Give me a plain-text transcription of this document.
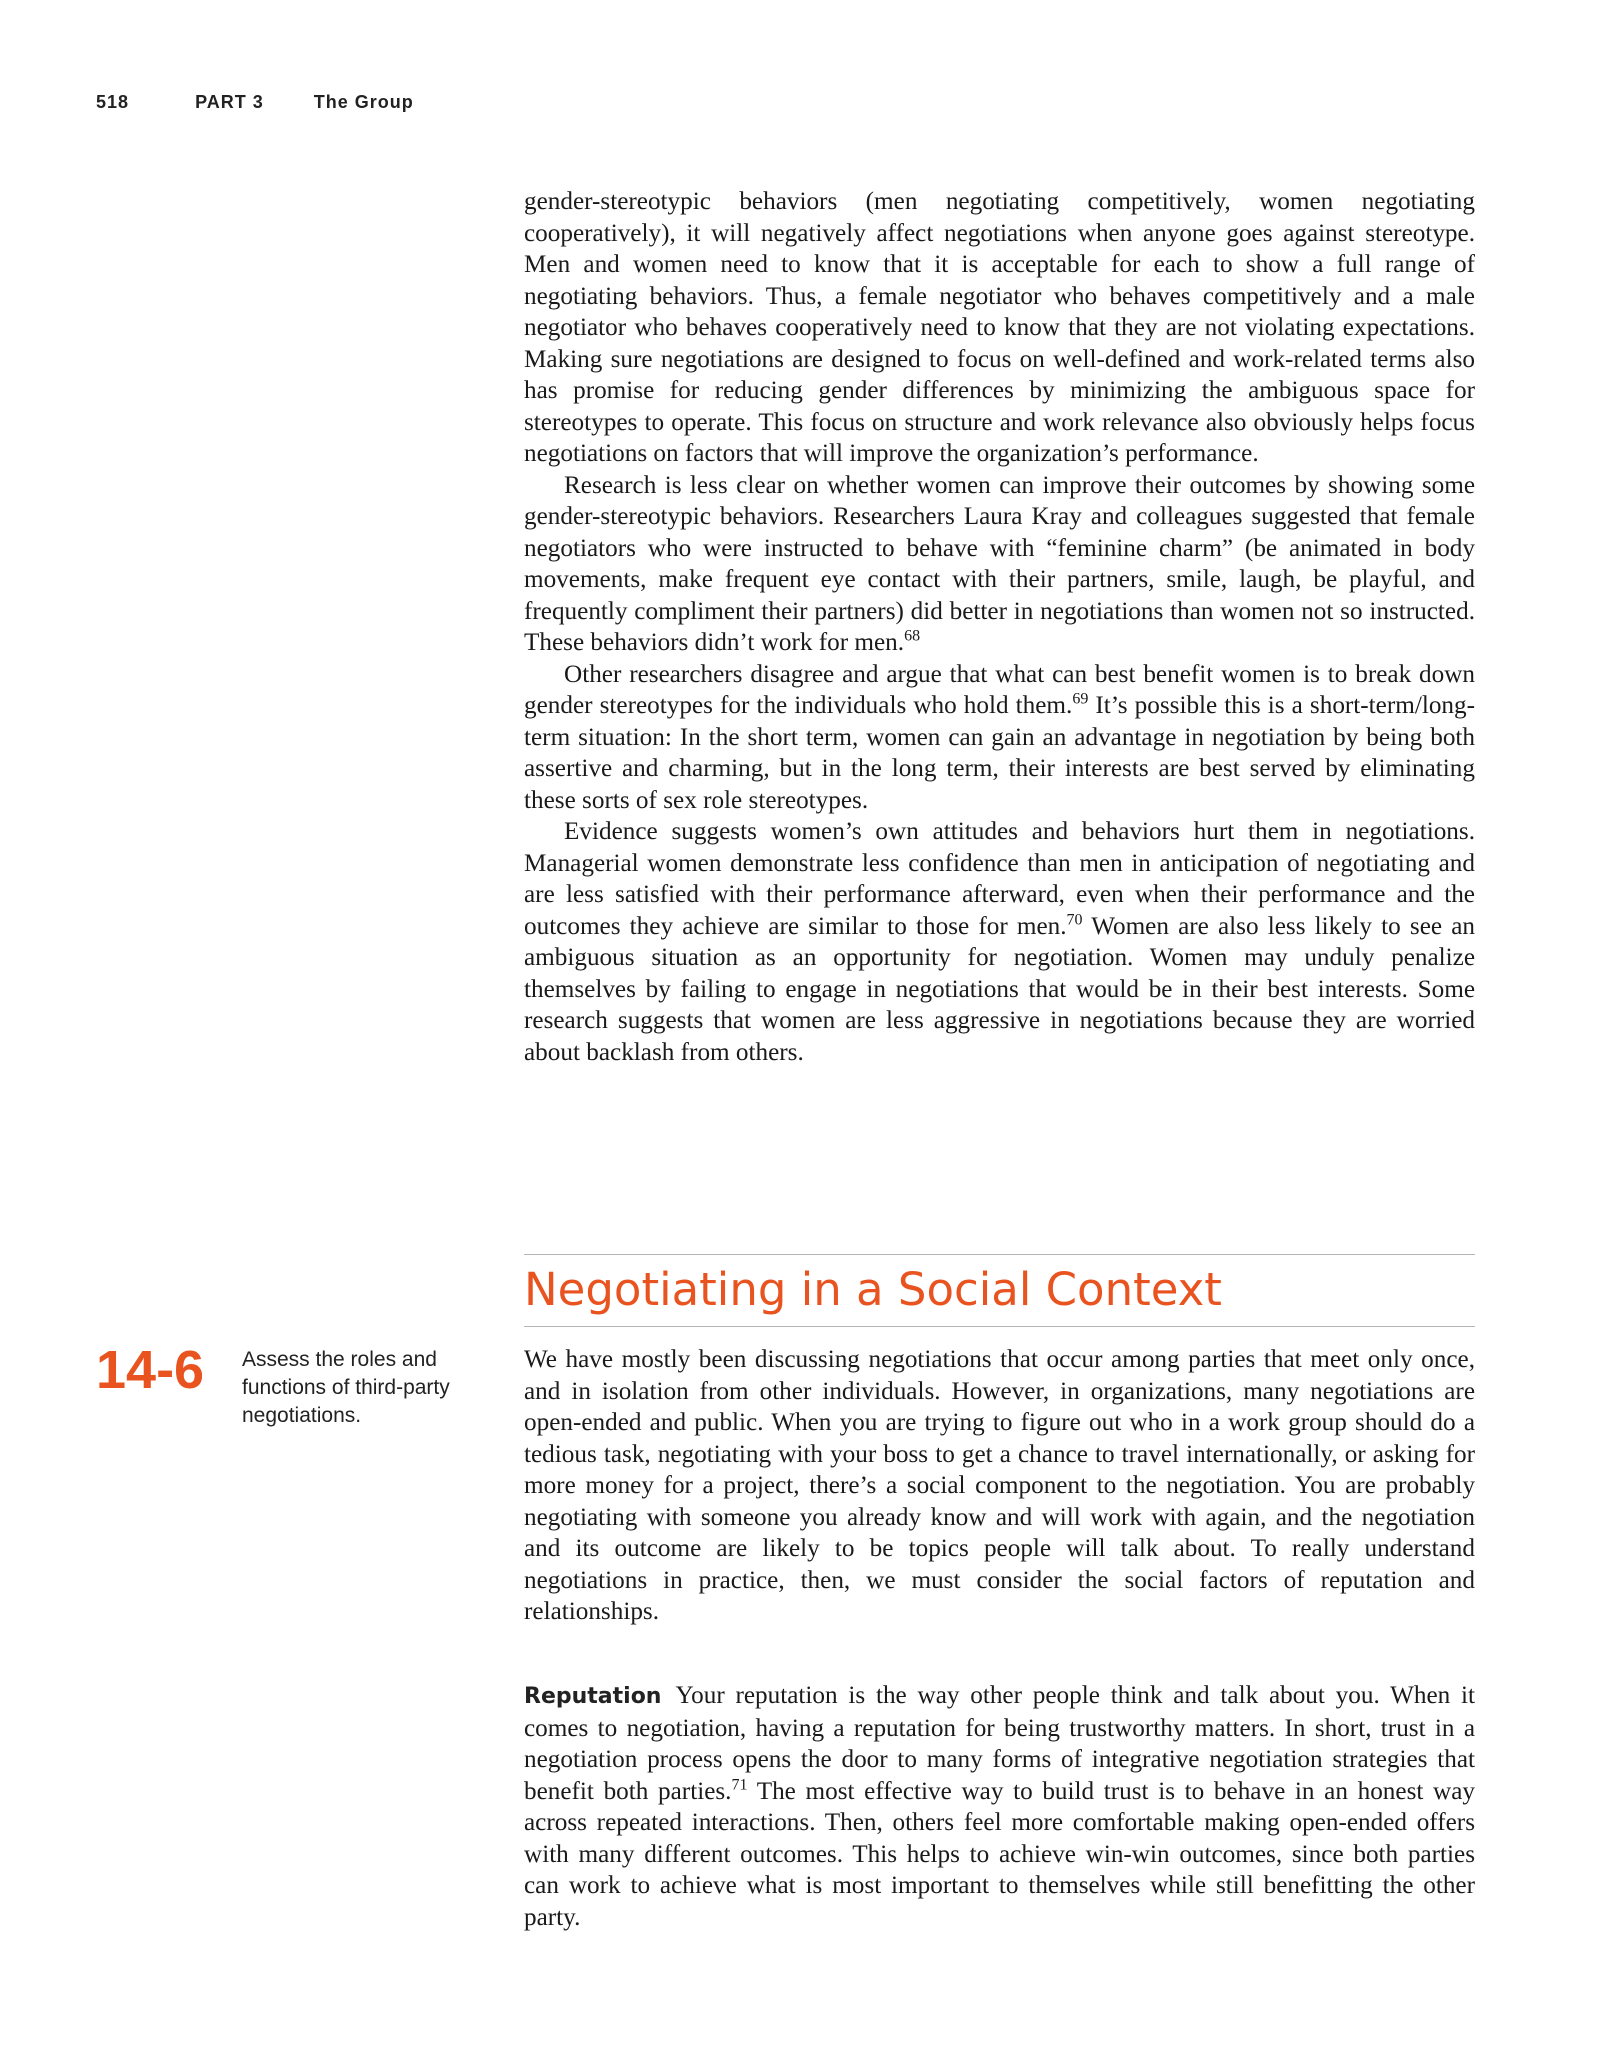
518	PART 3	The Group

gender-stereotypic behaviors (men negotiating competitively, women negotiating cooperatively), it will negatively affect negotiations when anyone goes against stereotype. Men and women need to know that it is acceptable for each to show a full range of negotiating behaviors. Thus, a female negotiator who behaves competitively and a male negotiator who behaves cooperatively need to know that they are not violating expectations. Making sure negotiations are designed to focus on well-defined and work-related terms also has promise for reducing gender differences by minimizing the ambiguous space for stereotypes to operate. This focus on structure and work relevance also obviously helps focus negotiations on factors that will improve the organization’s performance.

Research is less clear on whether women can improve their outcomes by showing some gender-stereotypic behaviors. Researchers Laura Kray and colleagues suggested that female negotiators who were instructed to behave with “feminine charm” (be animated in body movements, make frequent eye contact with their partners, smile, laugh, be playful, and frequently compliment their partners) did better in negotiations than women not so instructed. These behaviors didn’t work for men.$^{68}$

Other researchers disagree and argue that what can best benefit women is to break down gender stereotypes for the individuals who hold them.$^{69}$ It’s possible this is a short-term/long-term situation: In the short term, women can gain an advantage in negotiation by being both assertive and charming, but in the long term, their interests are best served by eliminating these sorts of sex role stereotypes.

Evidence suggests women’s own attitudes and behaviors hurt them in negotiations. Managerial women demonstrate less confidence than men in anticipation of negotiating and are less satisfied with their performance afterward, even when their performance and the outcomes they achieve are similar to those for men.$^{70}$ Women are also less likely to see an ambiguous situation as an opportunity for negotiation. Women may unduly penalize themselves by failing to engage in negotiations that would be in their best interests. Some research suggests that women are less aggressive in negotiations because they are worried about backlash from others.

Negotiating in a Social Context
14-6 Assess the roles and functions of third-party negotiations.

We have mostly been discussing negotiations that occur among parties that meet only once, and in isolation from other individuals. However, in organizations, many negotiations are open-ended and public. When you are trying to figure out who in a work group should do a tedious task, negotiating with your boss to get a chance to travel internationally, or asking for more money for a project, there’s a social component to the negotiation. You are probably negotiating with someone you already know and will work with again, and the negotiation and its outcome are likely to be topics people will talk about. To really understand negotiations in practice, then, we must consider the social factors of reputation and relationships.

Reputation Your reputation is the way other people think and talk about you. When it comes to negotiation, having a reputation for being trustworthy matters. In short, trust in a negotiation process opens the door to many forms of integrative negotiation strategies that benefit both parties.$^{71}$ The most effective way to build trust is to behave in an honest way across repeated interactions. Then, others feel more comfortable making open-ended offers with many different outcomes. This helps to achieve win-win outcomes, since both parties can work to achieve what is most important to themselves while still benefitting the other party.
